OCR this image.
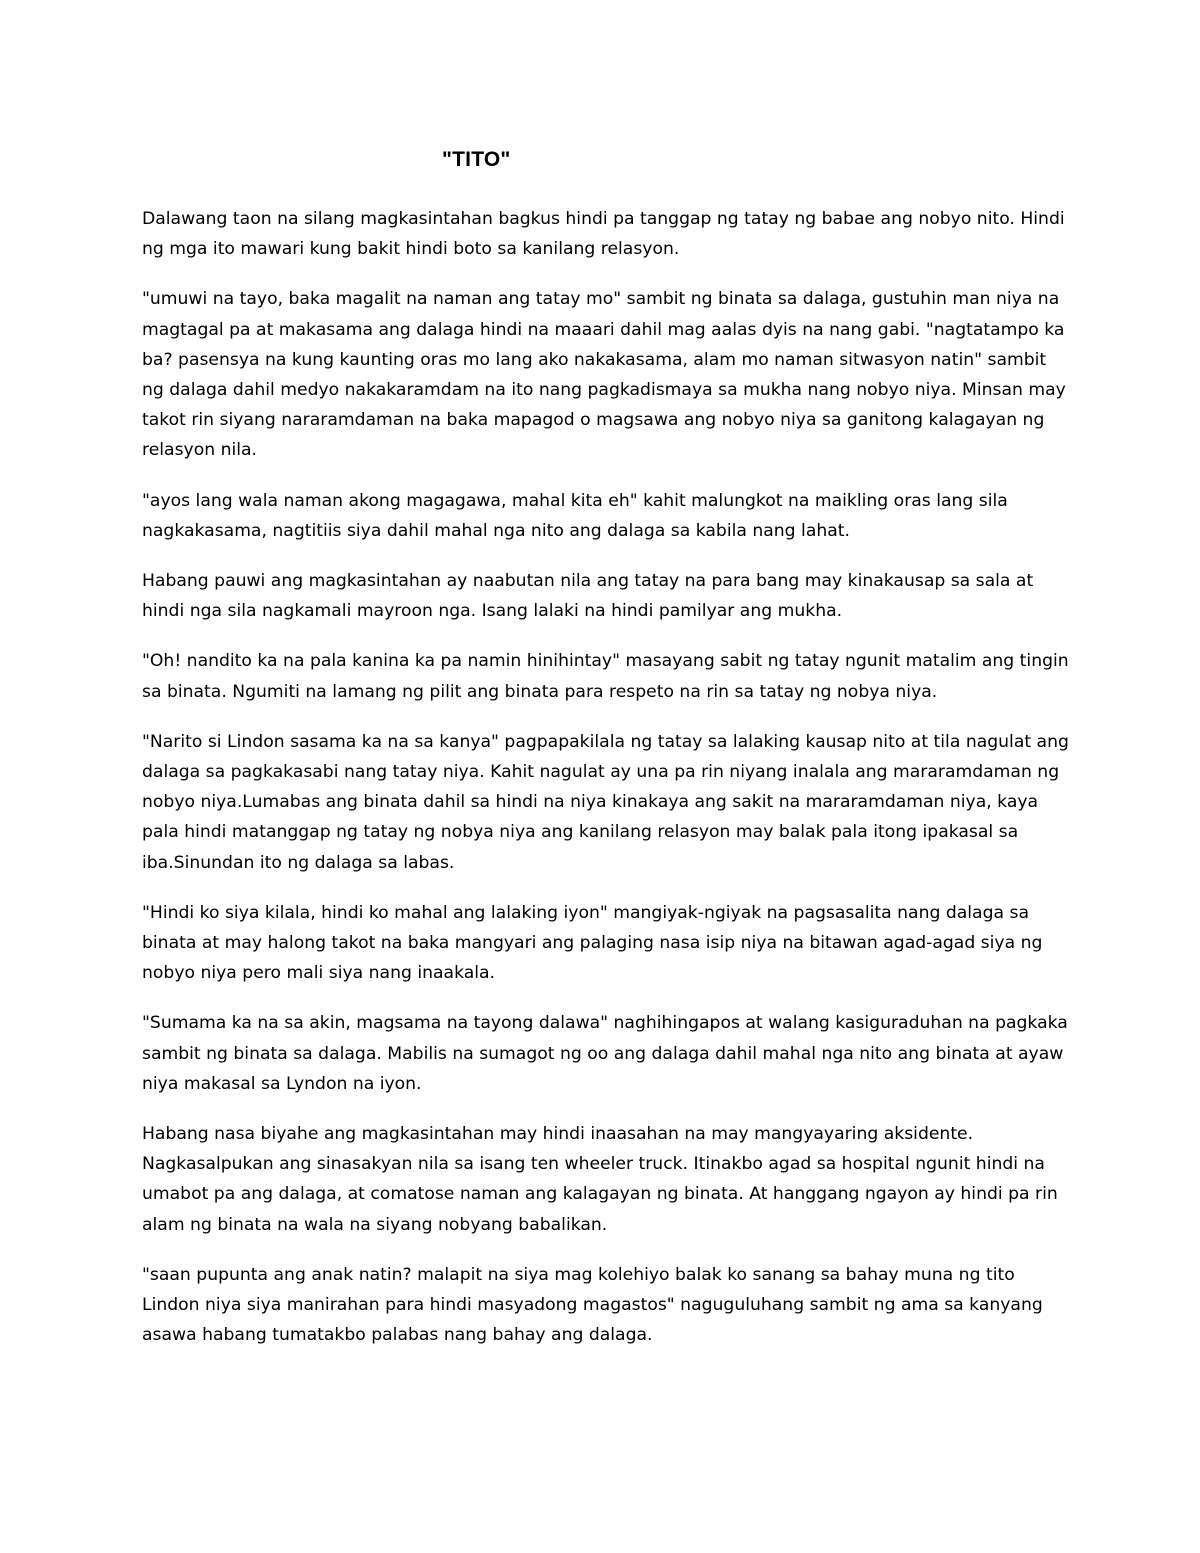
"TITO"

Dalawang taon na silang magkasintahan bagkus hindi pa tanggap ng tatay ng babae ang nobyo nito. Hindi ng mga ito mawari kung bakit hindi boto sa kanilang relasyon.

"umuwi na tayo, baka magalit na naman ang tatay mo" sambit ng binata sa dalaga, gustuhin man niya na magtagal pa at makasama ang dalaga hindi na maaari dahil mag aalas dyis na nang gabi. "nagtatampo ka ba? pasensya na kung kaunting oras mo lang ako nakakasama, alam mo naman sitwasyon natin" sambit ng dalaga dahil medyo nakakaramdam na ito nang pagkadismaya sa mukha nang nobyo niya. Minsan may takot rin siyang nararamdaman na baka mapagod o magsawa ang nobyo niya sa ganitong kalagayan ng relasyon nila.

"ayos lang wala naman akong magagawa, mahal kita eh" kahit malungkot na maikling oras lang sila nagkakasama, nagtitiis siya dahil mahal nga nito ang dalaga sa kabila nang lahat.

Habang pauwi ang magkasintahan ay naabutan nila ang tatay na para bang may kinakausap sa sala at hindi nga sila nagkamali mayroon nga. Isang lalaki na hindi pamilyar ang mukha.

"Oh! nandito ka na pala kanina ka pa namin hinihintay" masayang sabit ng tatay ngunit matalim ang tingin sa binata. Ngumiti na lamang ng pilit ang binata para respeto na rin sa tatay ng nobya niya.

"Narito si Lindon sasama ka na sa kanya" pagpapakilala ng tatay sa lalaking kausap nito at tila nagulat ang dalaga sa pagkakasabi nang tatay niya. Kahit nagulat ay una pa rin niyang inalala ang mararamdaman ng nobyo niya.Lumabas ang binata dahil sa hindi na niya kinakaya ang sakit na mararamdaman niya, kaya pala hindi matanggap ng tatay ng nobya niya ang kanilang relasyon may balak pala itong ipakasal sa iba.Sinundan ito ng dalaga sa labas.

"Hindi ko siya kilala, hindi ko mahal ang lalaking iyon" mangiyak-ngiyak na pagsasalita nang dalaga sa binata at may halong takot na baka mangyari ang palaging nasa isip niya na bitawan agad-agad siya ng nobyo niya pero mali siya nang inaakala.

"Sumama ka na sa akin, magsama na tayong dalawa" naghihingapos at walang kasiguraduhan na pagkaka sambit ng binata sa dalaga. Mabilis na sumagot ng oo ang dalaga dahil mahal nga nito ang binata at ayaw niya makasal sa Lyndon na iyon.

Habang nasa biyahe ang magkasintahan may hindi inaasahan na may mangyayaring aksidente. Nagkasalpukan ang sinasakyan nila sa isang ten wheeler truck. Itinakbo agad sa hospital ngunit hindi na umabot pa ang dalaga, at comatose naman ang kalagayan ng binata. At hanggang ngayon ay hindi pa rin alam ng binata na wala na siyang nobyang babalikan.

"saan pupunta ang anak natin? malapit na siya mag kolehiyo balak ko sanang sa bahay muna ng tito Lindon niya siya manirahan para hindi masyadong magastos" naguguluhang sambit ng ama sa kanyang asawa habang tumatakbo palabas nang bahay ang dalaga.
